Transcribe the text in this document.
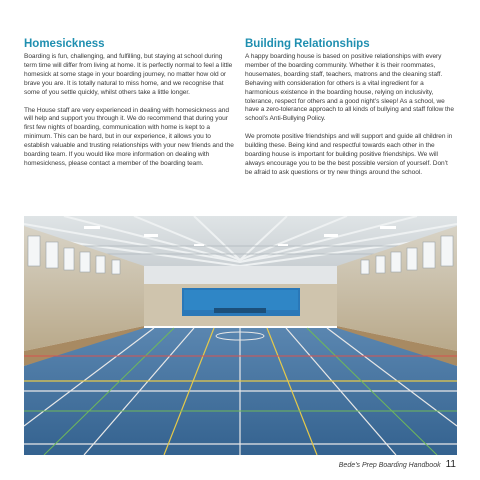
Homesickness

Boarding is fun, challenging, and fulfilling, but staying at school during term time will differ from living at home. It is perfectly normal to feel a little homesick at some stage in your boarding journey, no matter how old or brave you are. It is totally natural to miss home, and we recognise that some of you settle quickly, whilst others take a little longer.

The House staff are very experienced in dealing with homesickness and will help and support you through it. We do recommend that during your first few nights of boarding, communication with home is kept to a minimum. This can be hard, but in our experience, it allows you to establish valuable and trusting relationships with your new friends and the boarding team. If you would like more information on dealing with homesickness, please contact a member of the boarding team.

Building Relationships

A happy boarding house is based on positive relationships with every member of the boarding community. Whether it is their roommates, housemates, boarding staff, teachers, matrons and the cleaning staff. Behaving with consideration for others is a vital ingredient for a harmonious existence in the boarding house, relying on inclusivity, tolerance, respect for others and a good night’s sleep! As a school, we have a zero-tolerance approach to all kinds of bullying and staff follow the school’s Anti-Bullying Policy.

We promote positive friendships and will support and guide all children in building these. Being kind and respectful towards each other in the boarding house is important for building positive friendships. We will always encourage you to be the best possible version of yourself. Don’t be afraid to ask questions or try new things around the school.

Bede’s Prep Boarding Handbook 11
